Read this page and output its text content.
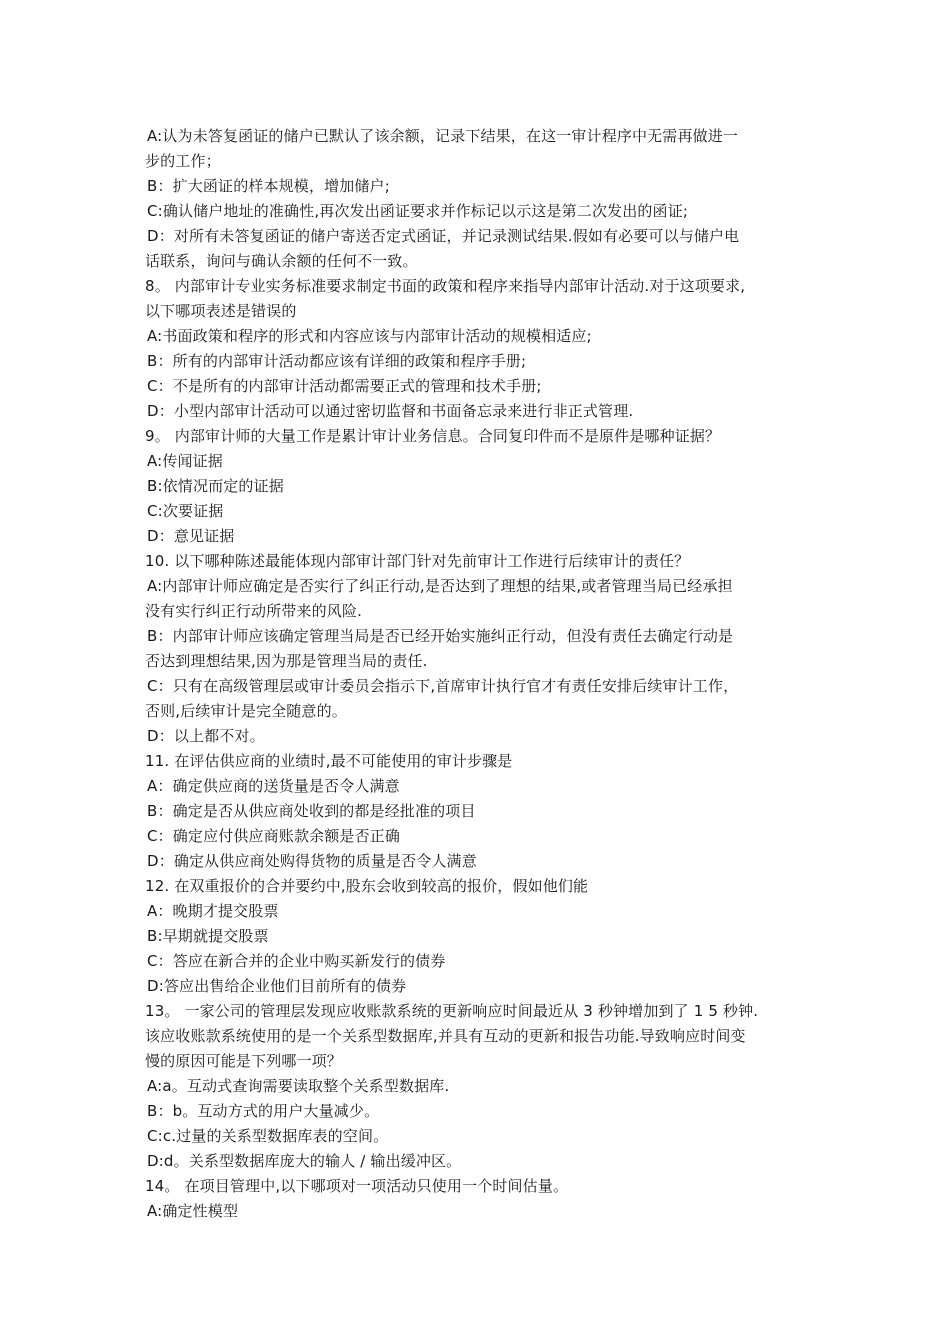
A:认为未答复函证的储户已默认了该余额，记录下结果，在这一审计程序中无需再做进一
步的工作；
B：扩大函证的样本规模，增加储户;
C:确认储户地址的准确性,再次发出函证要求并作标记以示这是第二次发出的函证;
D：对所有未答复函证的储户寄送否定式函证，并记录测试结果.假如有必要可以与储户电
话联系，询问与确认余额的任何不一致。
8。 内部审计专业实务标准要求制定书面的政策和程序来指导内部审计活动.对于这项要求,
以下哪项表述是错误的
A:书面政策和程序的形式和内容应该与内部审计活动的规模相适应;
B：所有的内部审计活动都应该有详细的政策和程序手册;
C：不是所有的内部审计活动都需要正式的管理和技术手册;
D：小型内部审计活动可以通过密切监督和书面备忘录来进行非正式管理.
9。 内部审计师的大量工作是累计审计业务信息。合同复印件而不是原件是哪种证据？
A:传闻证据
B:依情况而定的证据
C:次要证据
D：意见证据
10. 以下哪种陈述最能体现内部审计部门针对先前审计工作进行后续审计的责任？
A:内部审计师应确定是否实行了纠正行动,是否达到了理想的结果,或者管理当局已经承担
没有实行纠正行动所带来的风险.
B：内部审计师应该确定管理当局是否已经开始实施纠正行动，但没有责任去确定行动是
否达到理想结果,因为那是管理当局的责任.
C：只有在高级管理层或审计委员会指示下,首席审计执行官才有责任安排后续审计工作，
否则,后续审计是完全随意的。
D：以上都不对。
11. 在评估供应商的业绩时,最不可能使用的审计步骤是
A：确定供应商的送货量是否令人满意
B：确定是否从供应商处收到的都是经批准的项目
C：确定应付供应商账款余额是否正确
D：确定从供应商处购得货物的质量是否令人满意
12. 在双重报价的合并要约中,股东会收到较高的报价，假如他们能
A：晚期才提交股票
B:早期就提交股票
C：答应在新合并的企业中购买新发行的债券
D:答应出售给企业他们目前所有的债券
13。 一家公司的管理层发现应收账款系统的更新响应时间最近从 3 秒钟增加到了 1 5 秒钟.
该应收账款系统使用的是一个关系型数据库,并具有互动的更新和报告功能.导致响应时间变
慢的原因可能是下列哪一项？
A:a。互动式查询需要读取整个关系型数据库.
B：b。互动方式的用户大量减少。
C:c.过量的关系型数据库表的空间。
D:d。关系型数据库庞大的输人 / 输出缓冲区。
14。 在项目管理中,以下哪项对一项活动只使用一个时间估量。
A:确定性模型
